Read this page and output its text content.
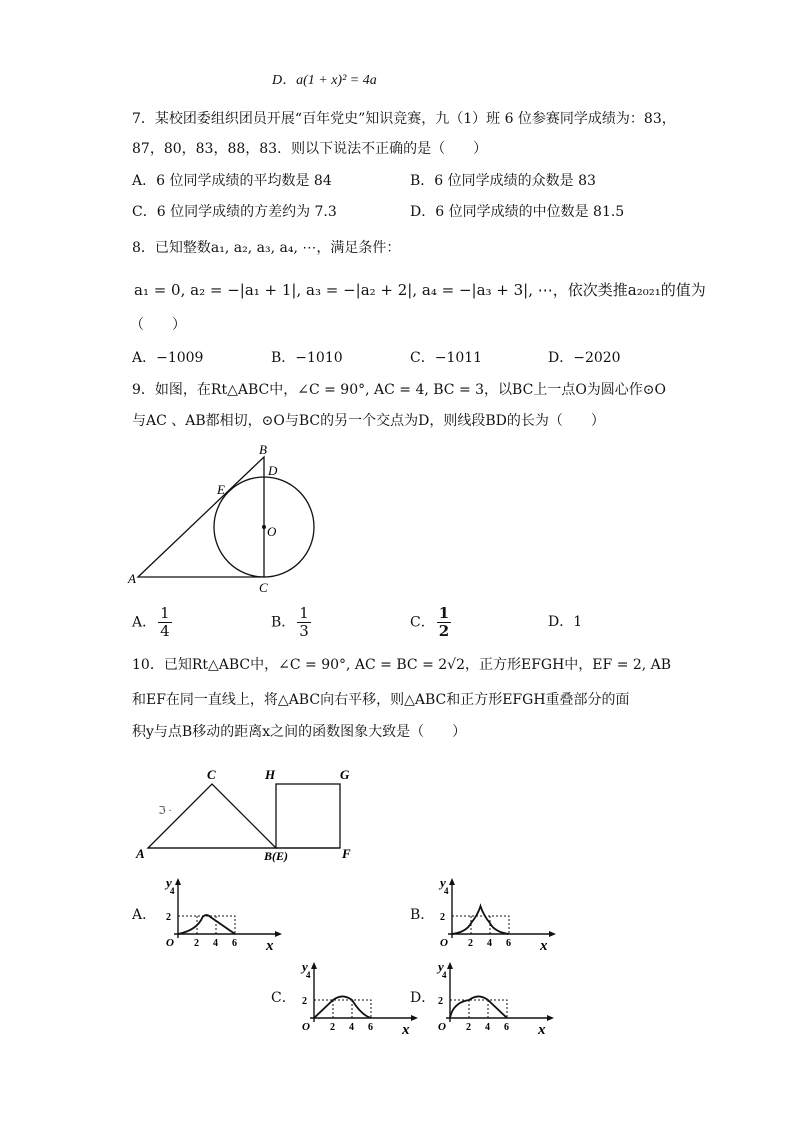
D．a(1 + x)² = 4a
7．某校团委组织团员开展“百年党史”知识竞赛，九（1）班 6 位参赛同学成绩为：83，
87，80，83，88，83．则以下说法不正确的是（　　）
A．6 位同学成绩的平均数是 84	B．6 位同学成绩的众数是 83
C．6 位同学成绩的方差约为 7.3	D．6 位同学成绩的中位数是 81.5
8．已知整数a₁, a₂, a₃, a₄, ⋯，满足条件：
a₁ = 0, a₂ = −|a₁ + 1|, a₃ = −|a₂ + 2|, a₄ = −|a₃ + 3|, ⋯，依次类推a₂₀₂₁的值为
（　　）
A．−1009	B．−1010	C．−1011	D．−2020
9．如图，在Rt△ABC中，∠C = 90°, AC = 4, BC = 3，以BC上一点O为圆心作⊙O
与AC 、AB都相切，⊙O与BC的另一个交点为D，则线段BD的长为（　　）
A
B
C
D
E
O
A． $\frac{1}{4}$	B． $\frac{1}{3}$	C． $\frac{1}{2}$	D．1
10．已知Rt△ABC中，∠C = 90°, AC = BC = 2√2，正方形EFGH中，EF = 2, AB
和EF在同一直线上，将△ABC向右平移，则△ABC和正方形EFGH重叠部分的面
积y与点B移动的距离x之间的函数图象大致是（　　）
ℑ ·
A
C
B(E)	F
G
H
A．
y
4
2
O 2 4 6 x
B．
y
4
2
O 2 4 6 x
C．
y
4
2
O 2 4 6 x
D．
y
4
2
O 2 4 6 x
